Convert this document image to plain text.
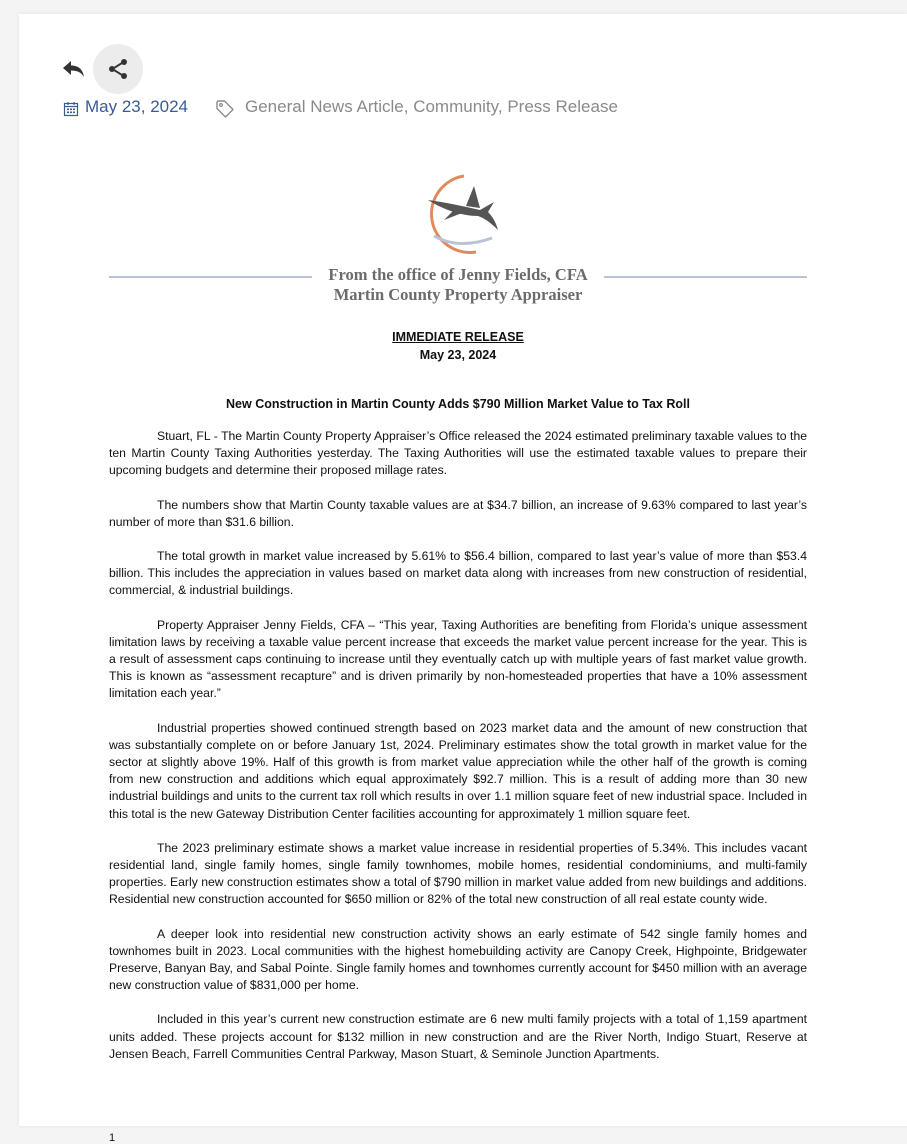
May 23, 2024	General News Article, Community, Press Release
From the office of Jenny Fields, CFA
Martin County Property Appraiser
IMMEDIATE RELEASE
May 23, 2024
New Construction in Martin County Adds $790 Million Market Value to Tax Roll

Stuart, FL - The Martin County Property Appraiser’s Office released the 2024 estimated preliminary taxable values to the ten Martin County Taxing Authorities yesterday. The Taxing Authorities will use the estimated taxable values to prepare their upcoming budgets and determine their proposed millage rates.

The numbers show that Martin County taxable values are at $34.7 billion, an increase of 9.63% compared to last year’s number of more than $31.6 billion.

The total growth in market value increased by 5.61% to $56.4 billion, compared to last year’s value of more than $53.4 billion. This includes the appreciation in values based on market data along with increases from new construction of residential, commercial, & industrial buildings.

Property Appraiser Jenny Fields, CFA – “This year, Taxing Authorities are benefiting from Florida’s unique assessment limitation laws by receiving a taxable value percent increase that exceeds the market value percent increase for the year. This is a result of assessment caps continuing to increase until they eventually catch up with multiple years of fast market value growth. This is known as “assessment recapture” and is driven primarily by non-homesteaded properties that have a 10% assessment limitation each year.”

Industrial properties showed continued strength based on 2023 market data and the amount of new construction that was substantially complete on or before January 1st, 2024. Preliminary estimates show the total growth in market value for the sector at slightly above 19%. Half of this growth is from market value appreciation while the other half of the growth is coming from new construction and additions which equal approximately $92.7 million. This is a result of adding more than 30 new industrial buildings and units to the current tax roll which results in over 1.1 million square feet of new industrial space. Included in this total is the new Gateway Distribution Center facilities accounting for approximately 1 million square feet.

The 2023 preliminary estimate shows a market value increase in residential properties of 5.34%. This includes vacant residential land, single family homes, single family townhomes, mobile homes, residential condominiums, and multi-family properties. Early new construction estimates show a total of $790 million in market value added from new buildings and additions. Residential new construction accounted for $650 million or 82% of the total new construction of all real estate county wide.

A deeper look into residential new construction activity shows an early estimate of 542 single family homes and townhomes built in 2023. Local communities with the highest homebuilding activity are Canopy Creek, Highpointe, Bridgewater Preserve, Banyan Bay, and Sabal Pointe. Single family homes and townhomes currently account for $450 million with an average new construction value of $831,000 per home.

Included in this year’s current new construction estimate are 6 new multi family projects with a total of 1,159 apartment units added. These projects account for $132 million in new construction and are the River North, Indigo Stuart, Reserve at Jensen Beach, Farrell Communities Central Parkway, Mason Stuart, & Seminole Junction Apartments.

1
